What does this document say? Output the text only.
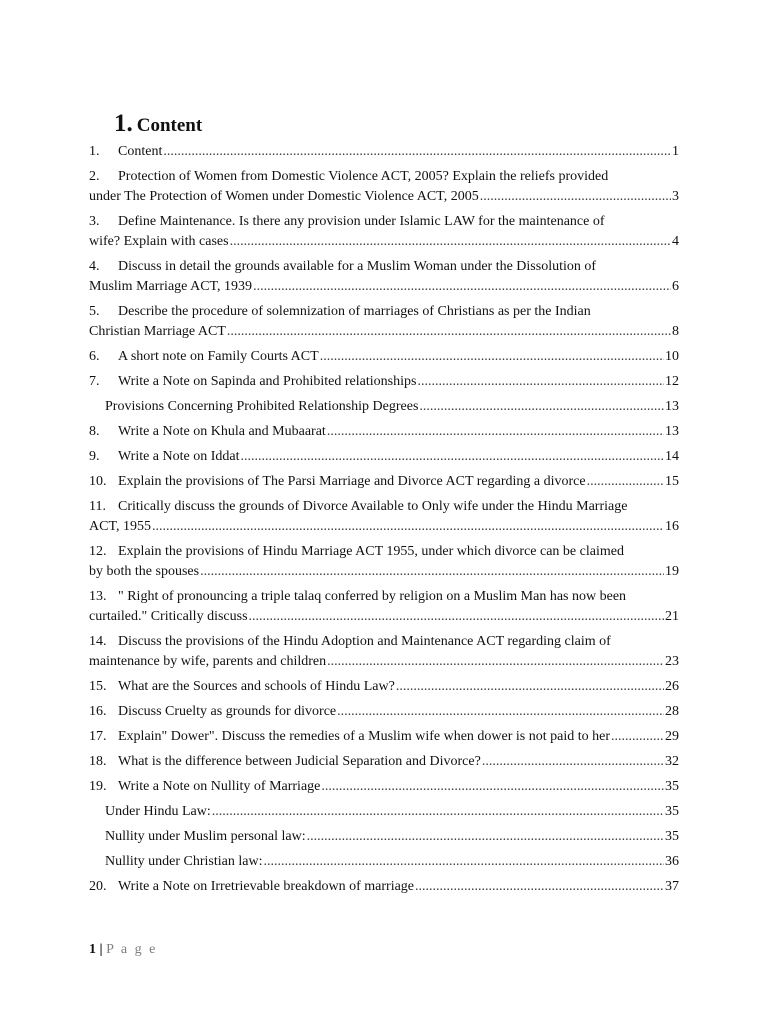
1. Content
1.	Content .....	1
2.	Protection of Women from Domestic Violence ACT, 2005? Explain the reliefs provided
under The Protection of Women under Domestic Violence ACT, 2005 .....	3
3.	Define Maintenance. Is there any provision under Islamic LAW for the maintenance of
wife? Explain with cases .....	4
4.	Discuss in detail the grounds available for a Muslim Woman under the Dissolution of
Muslim Marriage ACT, 1939 .....	6
5.	Describe the procedure of solemnization of marriages of Christians as per the Indian
Christian Marriage ACT .....	8
6.	A short note on Family Courts ACT .....	10
7.	Write a Note on Sapinda and Prohibited relationships .....	12
Provisions Concerning Prohibited Relationship Degrees .....	13
8.	Write a Note on Khula and Mubaarat .....	13
9.	Write a Note on Iddat .....	14
10. Explain the provisions of The Parsi Marriage and Divorce ACT regarding a divorce .....	15
11. Critically discuss the grounds of Divorce Available to Only wife under the Hindu Marriage
ACT, 1955 .....	16
12. Explain the provisions of Hindu Marriage ACT 1955, under which divorce can be claimed
by both the spouses .....	19
13. " Right of pronouncing a triple talaq conferred by religion on a Muslim Man has now been
curtailed." Critically discuss .....	21
14. Discuss the provisions of the Hindu Adoption and Maintenance ACT regarding claim of
maintenance by wife, parents and children .....	23
15. What are the Sources and schools of Hindu Law? .....	26
16. Discuss Cruelty as grounds for divorce .....	28
17. Explain" Dower". Discuss the remedies of a Muslim wife when dower is not paid to her .....	29
18. What is the difference between Judicial Separation and Divorce? .....	32
19. Write a Note on Nullity of Marriage .....	35
Under Hindu Law: .....	35
Nullity under Muslim personal law: .....	35
Nullity under Christian law: .....	36
20. Write a Note on Irretrievable breakdown of marriage .....	37
1 | P a g e
